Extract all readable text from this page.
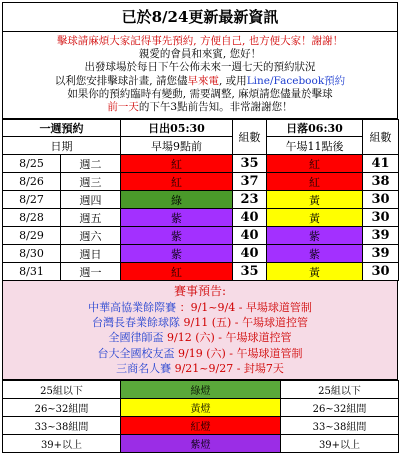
已於8/24更新最新資訊
擊球請麻煩大家記得事先預約, 方便自己, 也方便大家！謝謝！
親愛的會員和來賓, 您好！
出發球場於每日下午公佈未來一週七天的預約狀況
以利您安排擊球計畫, 請您儘早來電, 或用Line/Facebook預約
如果你的預約臨時有變動, 需要調整, 麻煩請您儘量於擊球
前一天的下午3點前告知。非常謝謝您！
一週預約		日出05:30	組數	日落06:30	組數
日期		早場9點前		午場11點後	
8/25	週二	紅	35	紅	41
8/26	週三	紅	37	紅	38
8/27	週四	綠	23	黃	30
8/28	週五	紫	40	黃	30
8/29	週六	紫	40	紫	39
8/30	週日	紫	40	紫	39
8/31	週一	紅	35	黃	30
賽事預告:
中華高協業餘際賽 ：9/1~9/4 - 早場球道管制
台灣長春業餘球隊 9/11 (五) - 午場球道控管
全國律師盃 9/12 (六) - 午場球道控管
台大全國校友盃 9/19 (六) - 午場球道管制
三商名人賽 9/21~9/27 - 封場7天
25組以下	綠燈	25組以下
26~32組間	黃燈	26~32組間
33~38組間	紅燈	33~38組間
39+以上	紫燈	39+以上
